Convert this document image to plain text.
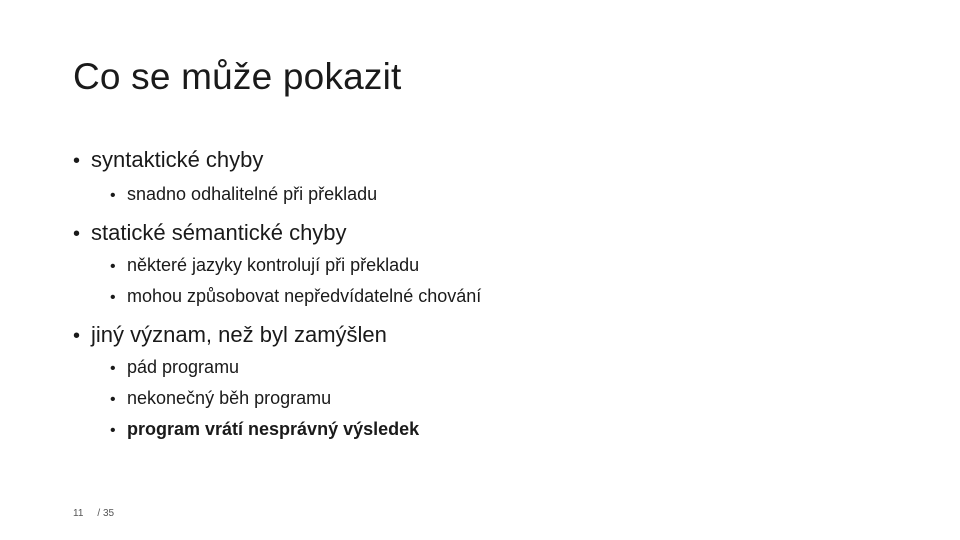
Co se může pokazit
• syntaktické chyby
• snadno odhalitelné při překladu
• statické sémantické chyby
• některé jazyky kontrolují při překladu
• mohou způsobovat nepředvídatelné chování
• jiný význam, než byl zamýšlen
• pád programu
• nekonečný běh programu
• program vrátí nesprávný výsledek
11 / 35
